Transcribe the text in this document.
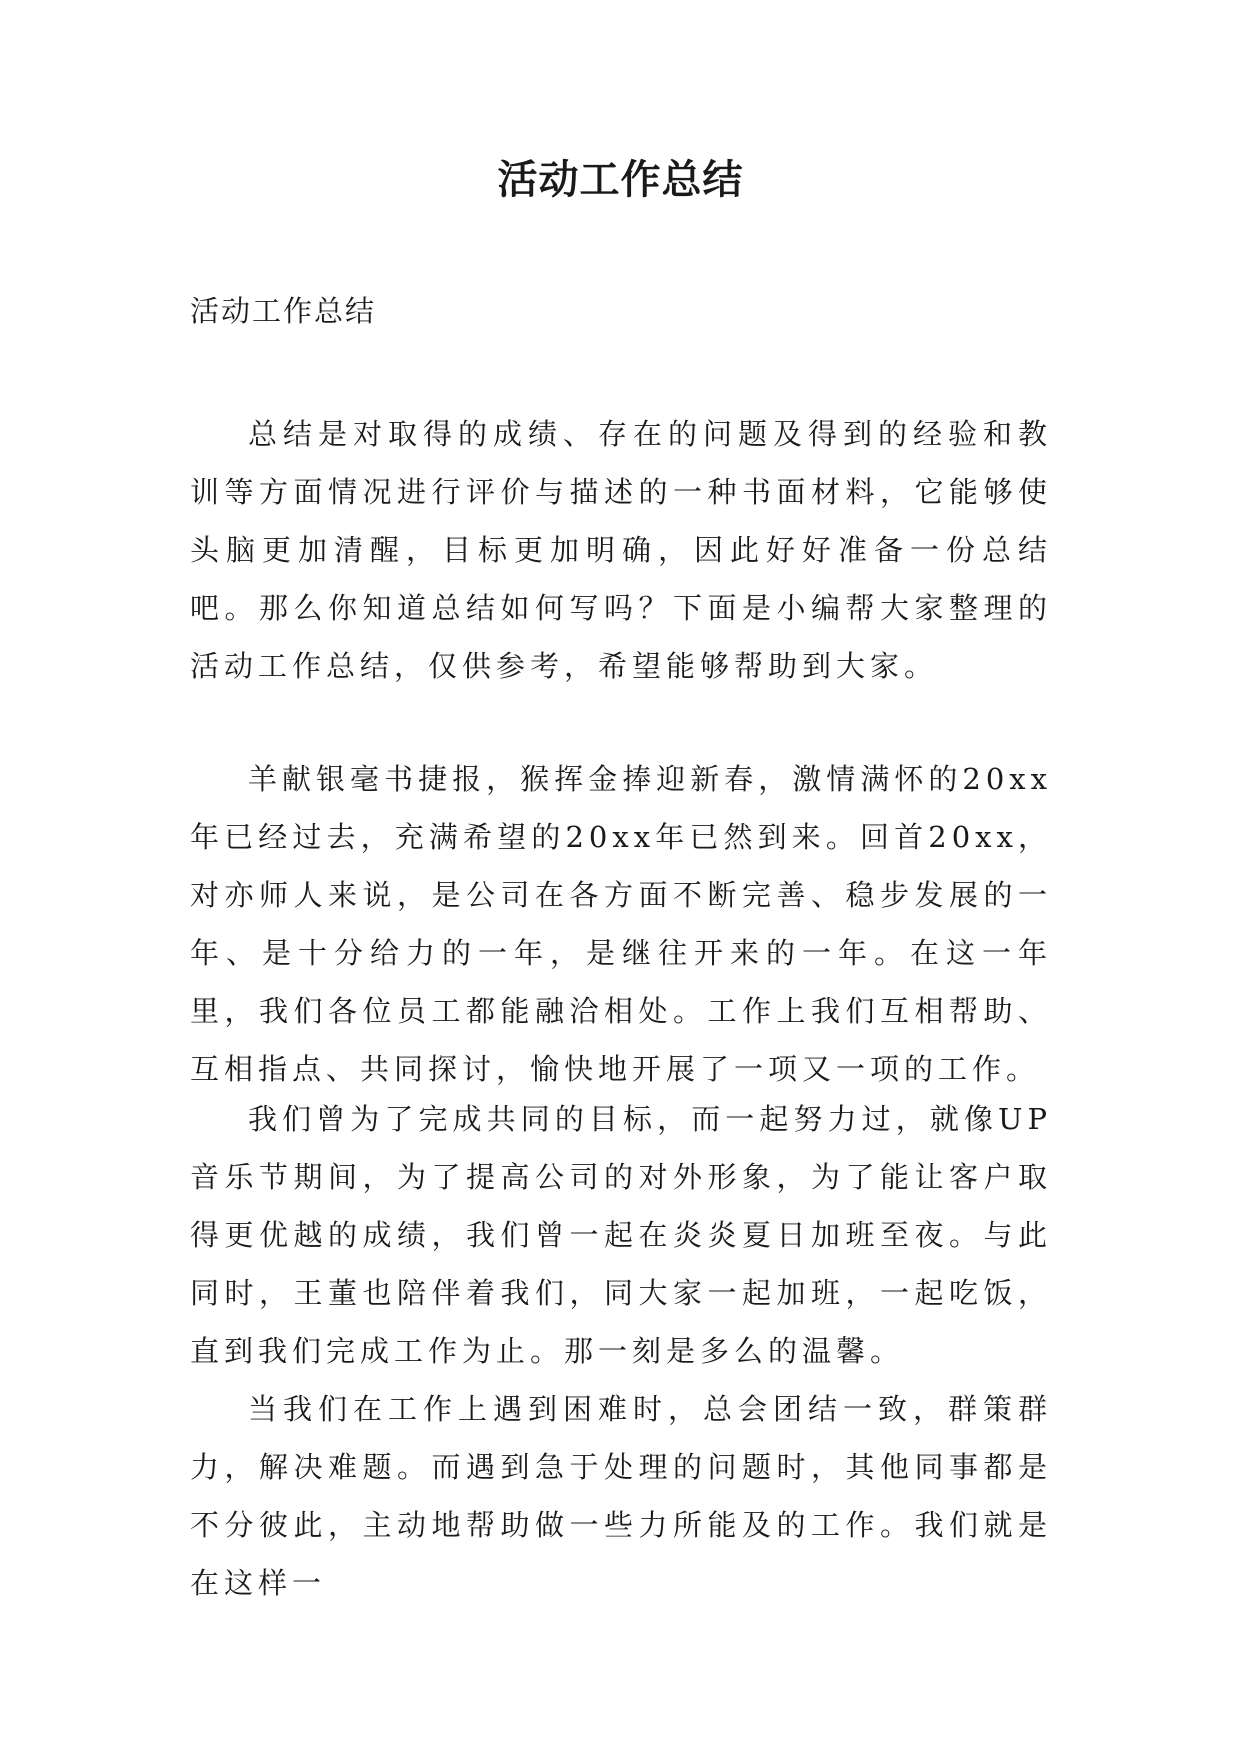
活动工作总结

活动工作总结

总结是对取得的成绩、存在的问题及得到的经验和教训等方面情况进行评价与描述的一种书面材料，它能够使头脑更加清醒，目标更加明确，因此好好准备一份总结吧。那么你知道总结如何写吗？下面是小编帮大家整理的活动工作总结，仅供参考，希望能够帮助到大家。

羊献银毫书捷报，猴挥金捧迎新春，激情满怀的20xx年已经过去，充满希望的20xx年已然到来。回首20xx，对亦师人来说，是公司在各方面不断完善、稳步发展的一年、是十分给力的一年，是继往开来的一年。在这一年里，我们各位员工都能融洽相处。工作上我们互相帮助、互相指点、共同探讨，愉快地开展了一项又一项的工作。

我们曾为了完成共同的目标，而一起努力过，就像UP音乐节期间，为了提高公司的对外形象，为了能让客户取得更优越的成绩，我们曾一起在炎炎夏日加班至夜。与此同时，王董也陪伴着我们，同大家一起加班，一起吃饭，直到我们完成工作为止。那一刻是多么的温馨。

当我们在工作上遇到困难时，总会团结一致，群策群力，解决难题。而遇到急于处理的问题时，其他同事都是不分彼此，主动地帮助做一些力所能及的工作。我们就是在这样一
